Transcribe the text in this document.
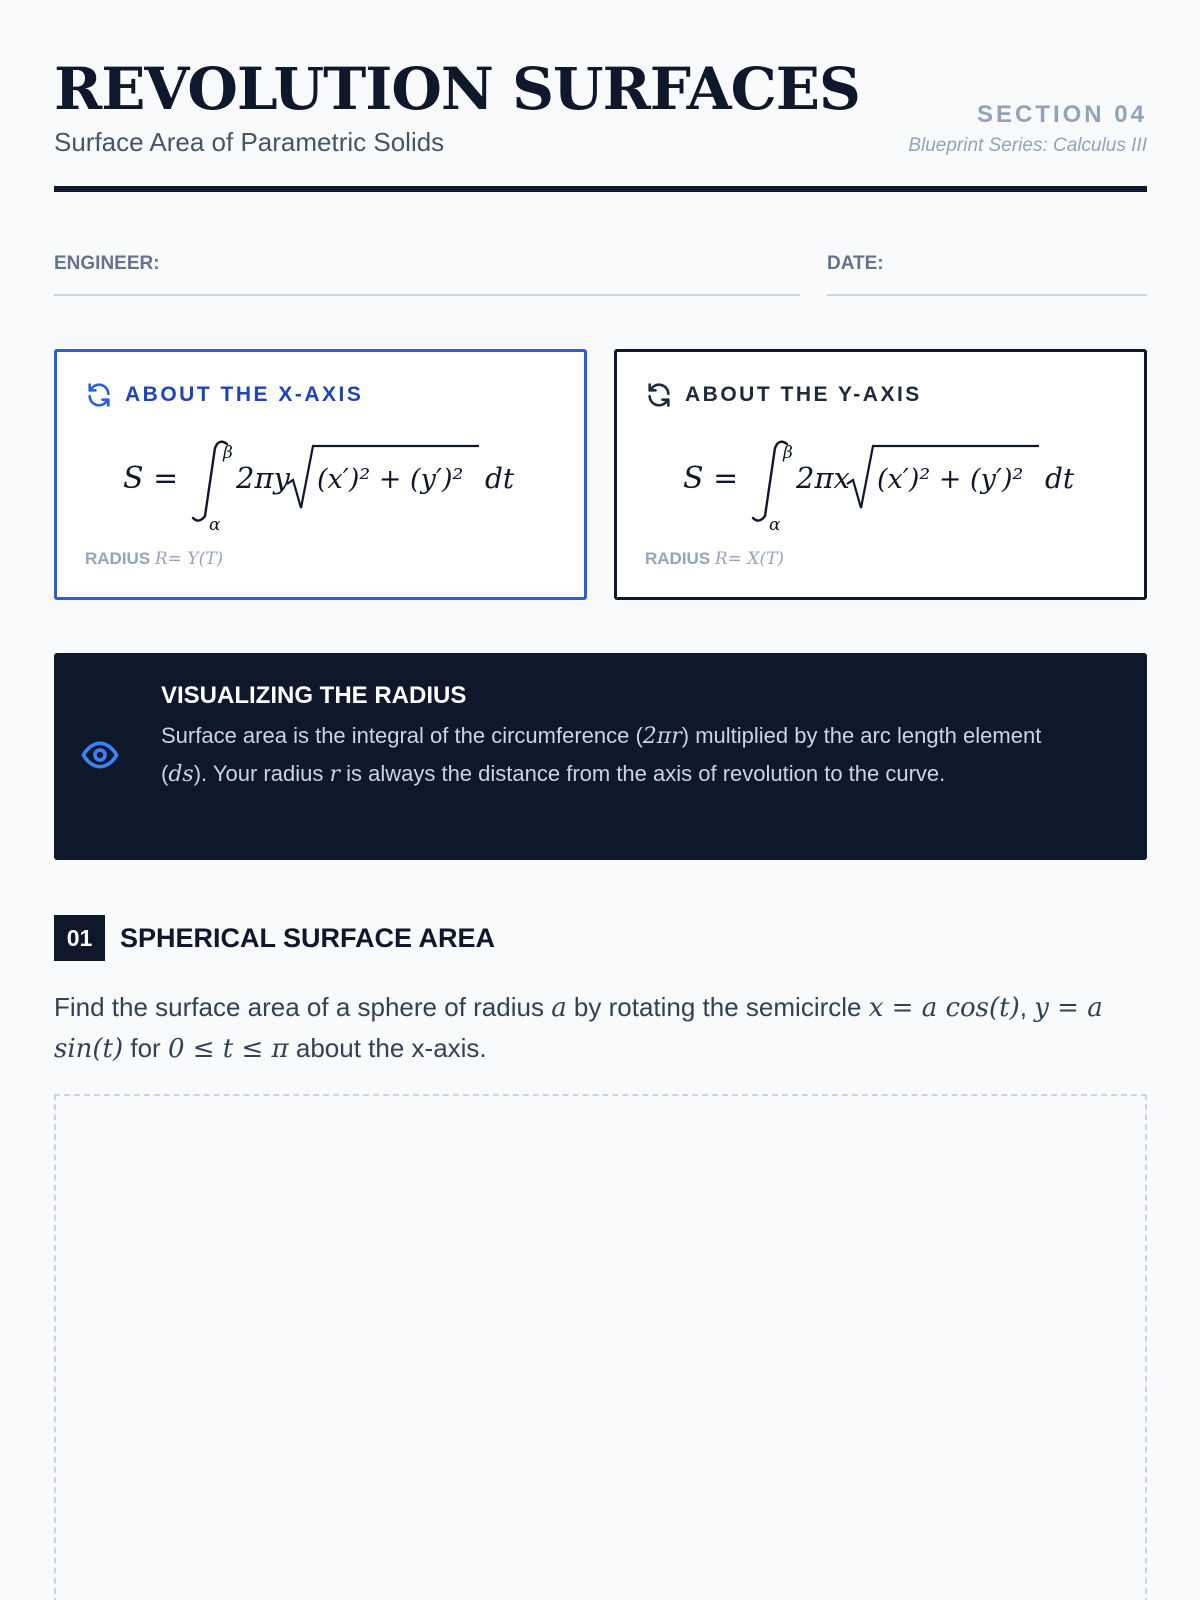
REVOLUTION SURFACES
Surface Area of Parametric Solids
SECTION 04
Blueprint Series: Calculus III
ENGINEER:	DATE:
ABOUT THE X-AXIS
S =
β
α
2πy (x′)² + (y′)² dt
RADIUS R= Y(T)
ABOUT THE Y-AXIS
S =
β
α
2πx (x′)² + (y′)² dt
RADIUS R= X(T)
VISUALIZING THE RADIUS
Surface area is the integral of the circumference (2πr) multiplied by the arc length element (ds). Your radius r is always the distance from the axis of revolution to the curve.
01	SPHERICAL SURFACE AREA
Find the surface area of a sphere of radius a by rotating the semicircle x = a cos(t), y = a sin(t) for 0 ≤ t ≤ π about the x-axis.
